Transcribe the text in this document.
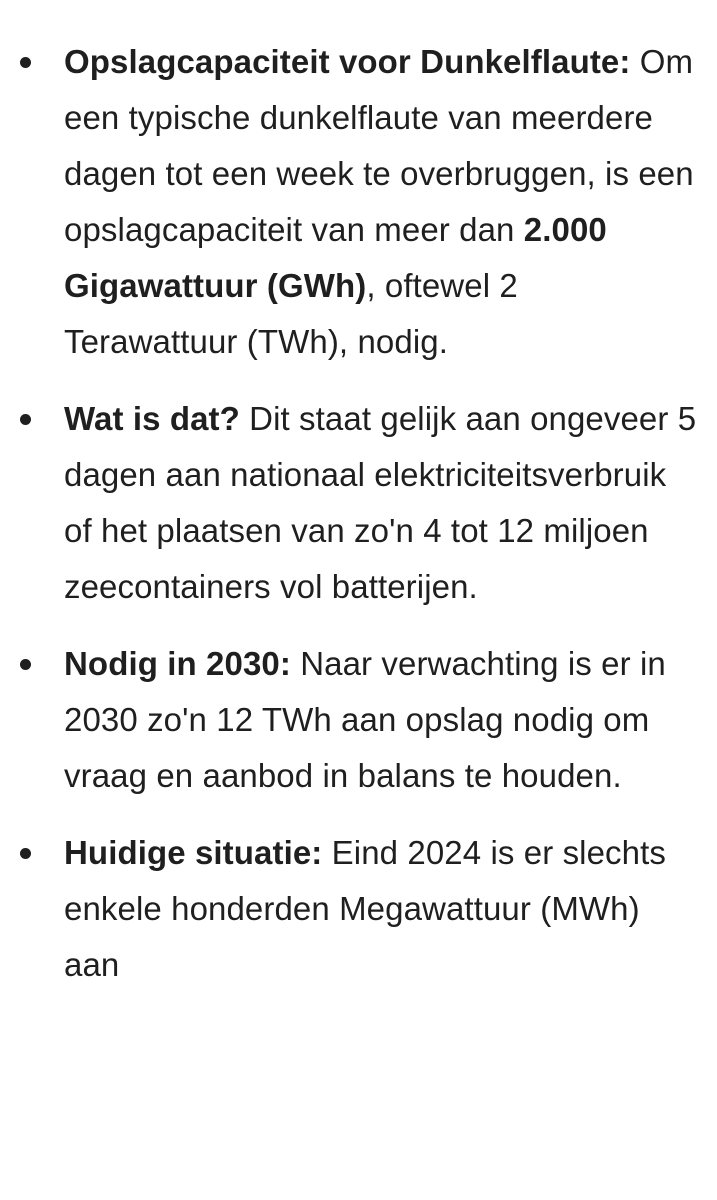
Opslagcapaciteit voor Dunkelflaute: Om een typische dunkelflaute van meerdere dagen tot een week te overbruggen, is een opslagcapaciteit van meer dan 2.000 Gigawattuur (GWh), oftewel 2 Terawattuur (TWh), nodig.
Wat is dat? Dit staat gelijk aan ongeveer 5 dagen aan nationaal elektriciteitsverbruik of het plaatsen van zo'n 4 tot 12 miljoen zeecontainers vol batterijen.
Nodig in 2030: Naar verwachting is er in 2030 zo'n 12 TWh aan opslag nodig om vraag en aanbod in balans te houden.
Huidige situatie: Eind 2024 is er slechts enkele honderden Megawattuur (MWh) aan
